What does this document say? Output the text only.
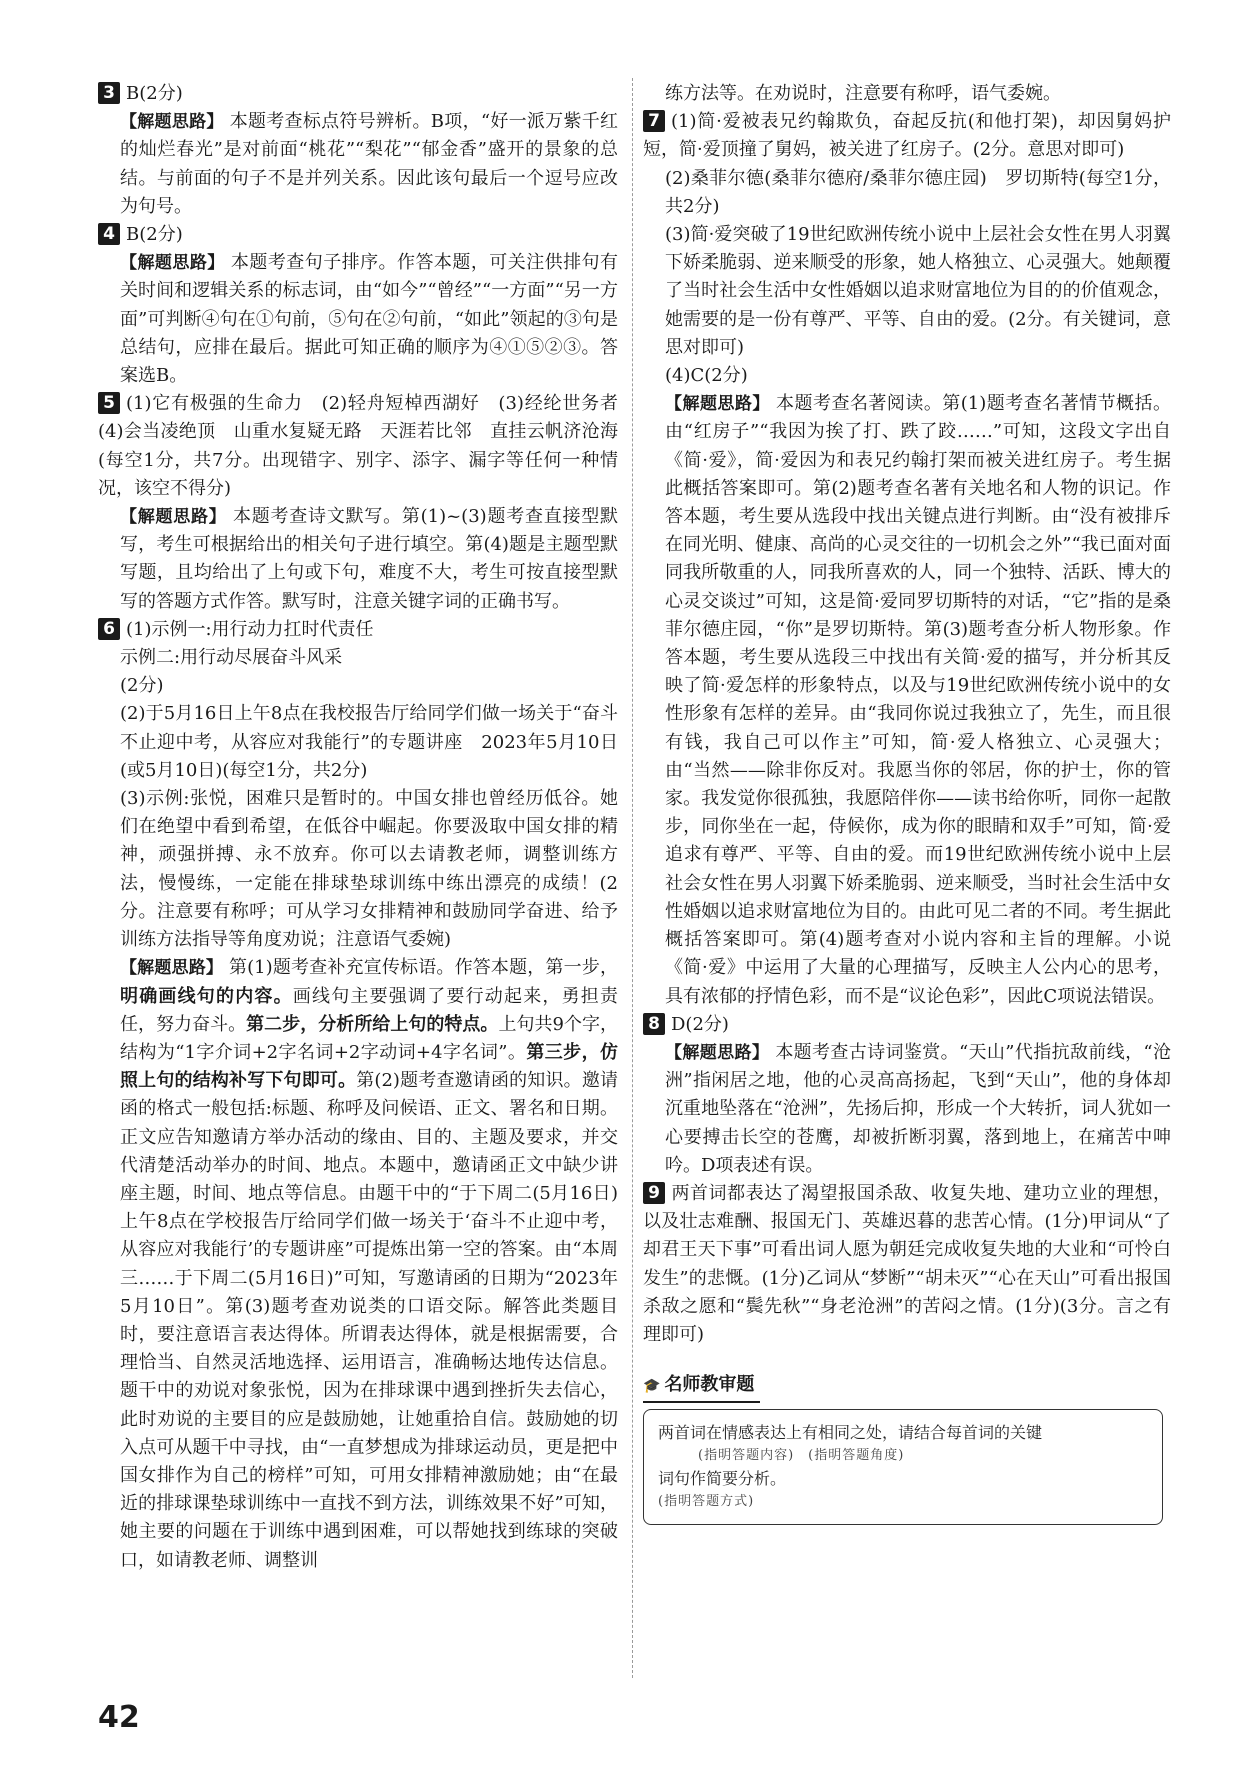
3 B(2分)

【解题思路】 本题考查标点符号辨析。B项，“好一派万紫千红的灿烂春光”是对前面“桃花”“梨花”“郁金香”盛开的景象的总结。与前面的句子不是并列关系。因此该句最后一个逗号应改为句号。

4 B(2分)

【解题思路】 本题考查句子排序。作答本题，可关注供排句有关时间和逻辑关系的标志词，由“如今”“曾经”“一方面”“另一方面”可判断④句在①句前，⑤句在②句前，“如此”领起的③句是总结句，应排在最后。据此可知正确的顺序为④①⑤②③。答案选B。

5 (1)它有极强的生命力　(2)轻舟短棹西湖好　(3)经纶世务者　(4)会当凌绝顶　山重水复疑无路　天涯若比邻　直挂云帆济沧海(每空1分，共7分。出现错字、别字、添字、漏字等任何一种情况，该空不得分)

【解题思路】 本题考查诗文默写。第(1)~(3)题考查直接型默写，考生可根据给出的相关句子进行填空。第(4)题是主题型默写题，且均给出了上句或下句，难度不大，考生可按直接型默写的答题方式作答。默写时，注意关键字词的正确书写。

6 (1)示例一:用行动力扛时代责任

示例二:用行动尽展奋斗风采

(2分)

(2)于5月16日上午8点在我校报告厅给同学们做一场关于“奋斗不止迎中考，从容应对我能行”的专题讲座　2023年5月10日(或5月10日)(每空1分，共2分)

(3)示例:张悦，困难只是暂时的。中国女排也曾经历低谷。她们在绝望中看到希望，在低谷中崛起。你要汲取中国女排的精神，顽强拼搏、永不放弃。你可以去请教老师，调整训练方法，慢慢练，一定能在排球垫球训练中练出漂亮的成绩！(2分。注意要有称呼；可从学习女排精神和鼓励同学奋进、给予训练方法指导等角度劝说；注意语气委婉)

【解题思路】 第(1)题考查补充宣传标语。作答本题，第一步，明确画线句的内容。画线句主要强调了要行动起来，勇担责任，努力奋斗。第二步，分析所给上句的特点。上句共9个字，结构为“1字介词+2字名词+2字动词+4字名词”。第三步，仿照上句的结构补写下句即可。第(2)题考查邀请函的知识。邀请函的格式一般包括:标题、称呼及问候语、正文、署名和日期。正文应告知邀请方举办活动的缘由、目的、主题及要求，并交代清楚活动举办的时间、地点。本题中，邀请函正文中缺少讲座主题，时间、地点等信息。由题干中的“于下周二(5月16日)上午8点在学校报告厅给同学们做一场关于‘奋斗不止迎中考，从容应对我能行’的专题讲座”可提炼出第一空的答案。由“本周三……于下周二(5月16日)”可知，写邀请函的日期为“2023年5月10日”。第(3)题考查劝说类的口语交际。解答此类题目时，要注意语言表达得体。所谓表达得体，就是根据需要，合理恰当、自然灵活地选择、运用语言，准确畅达地传达信息。题干中的劝说对象张悦，因为在排球课中遇到挫折失去信心，此时劝说的主要目的应是鼓励她，让她重拾自信。鼓励她的切入点可从题干中寻找，由“一直梦想成为排球运动员，更是把中国女排作为自己的榜样”可知，可用女排精神激励她；由“在最近的排球课垫球训练中一直找不到方法，训练效果不好”可知，她主要的问题在于训练中遇到困难，可以帮她找到练球的突破口，如请教老师、调整训

练方法等。在劝说时，注意要有称呼，语气委婉。

7 (1)简·爱被表兄约翰欺负，奋起反抗(和他打架)，却因舅妈护短，简·爱顶撞了舅妈，被关进了红房子。(2分。意思对即可)

(2)桑菲尔德(桑菲尔德府/桑菲尔德庄园)　罗切斯特(每空1分，共2分)

(3)简·爱突破了19世纪欧洲传统小说中上层社会女性在男人羽翼下娇柔脆弱、逆来顺受的形象，她人格独立、心灵强大。她颠覆了当时社会生活中女性婚姻以追求财富地位为目的的价值观念，她需要的是一份有尊严、平等、自由的爱。(2分。有关键词，意思对即可)

(4)C(2分)

【解题思路】 本题考查名著阅读。第(1)题考查名著情节概括。由“红房子”“我因为挨了打、跌了跤……”可知，这段文字出自《简·爱》，简·爱因为和表兄约翰打架而被关进红房子。考生据此概括答案即可。第(2)题考查名著有关地名和人物的识记。作答本题，考生要从选段中找出关键点进行判断。由“没有被排斥在同光明、健康、高尚的心灵交往的一切机会之外”“我已面对面同我所敬重的人，同我所喜欢的人，同一个独特、活跃、博大的心灵交谈过”可知，这是简·爱同罗切斯特的对话，“它”指的是桑菲尔德庄园，“你”是罗切斯特。第(3)题考查分析人物形象。作答本题，考生要从选段三中找出有关简·爱的描写，并分析其反映了简·爱怎样的形象特点，以及与19世纪欧洲传统小说中的女性形象有怎样的差异。由“我同你说过我独立了，先生，而且很有钱，我自己可以作主”可知，简·爱人格独立、心灵强大；由“当然——除非你反对。我愿当你的邻居，你的护士，你的管家。我发觉你很孤独，我愿陪伴你——读书给你听，同你一起散步，同你坐在一起，侍候你，成为你的眼睛和双手”可知，简·爱追求有尊严、平等、自由的爱。而19世纪欧洲传统小说中上层社会女性在男人羽翼下娇柔脆弱、逆来顺受，当时社会生活中女性婚姻以追求财富地位为目的。由此可见二者的不同。考生据此概括答案即可。第(4)题考查对小说内容和主旨的理解。小说《简·爱》中运用了大量的心理描写，反映主人公内心的思考，具有浓郁的抒情色彩，而不是“议论色彩”，因此C项说法错误。

8 D(2分)

【解题思路】 本题考查古诗词鉴赏。“天山”代指抗敌前线，“沧洲”指闲居之地，他的心灵高高扬起，飞到“天山”，他的身体却沉重地坠落在“沧洲”，先扬后抑，形成一个大转折，词人犹如一心要搏击长空的苍鹰，却被折断羽翼，落到地上，在痛苦中呻吟。D项表述有误。

9 两首词都表达了渴望报国杀敌、收复失地、建功立业的理想，以及壮志难酬、报国无门、英雄迟暮的悲苦心情。(1分)甲词从“了却君王天下事”可看出词人愿为朝廷完成收复失地的大业和“可怜白发生”的悲慨。(1分)乙词从“梦断”“胡未灭”“心在天山”可看出报国杀敌之愿和“鬓先秋”“身老沧洲”的苦闷之情。(1分)(3分。言之有理即可)

🎓 名师教审题
两首词在情感表达上有相同之处，请结合每首词的关键
(指明答题内容)　(指明答题角度)
词句作简要分析。
(指明答题方式)
42
